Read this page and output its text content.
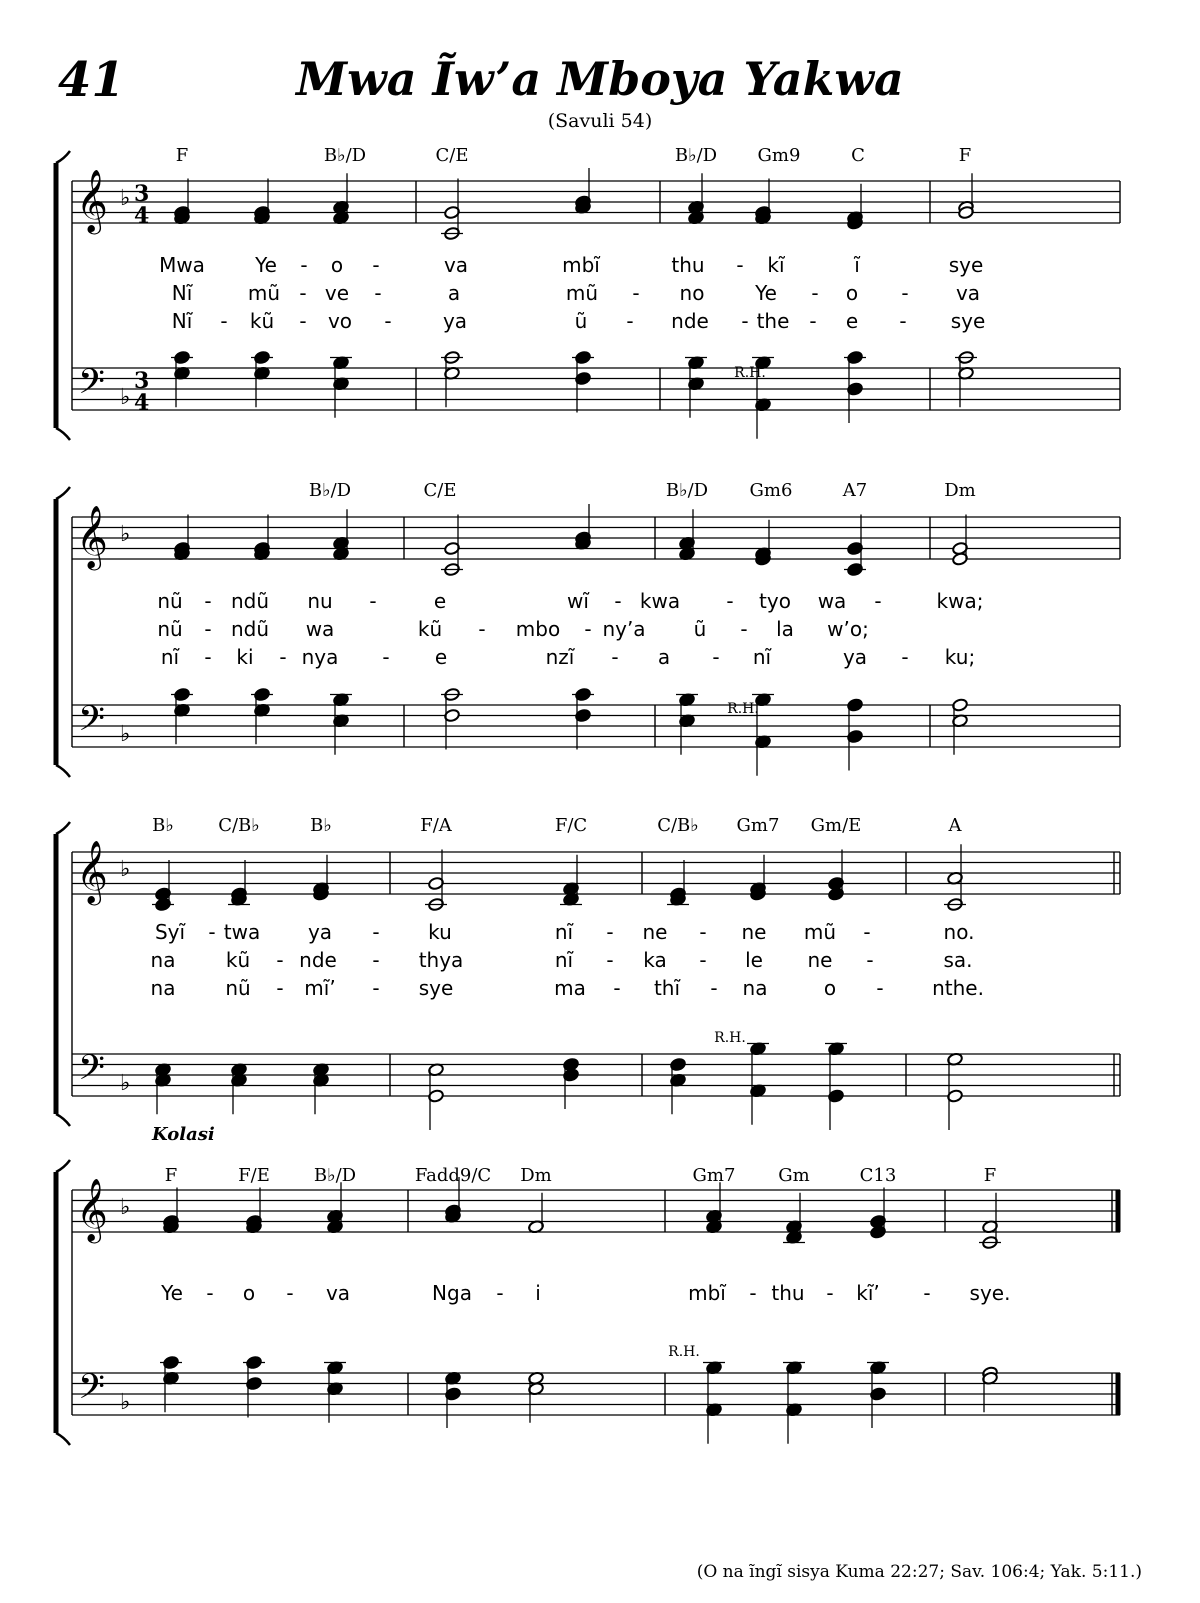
41	Mwa Ĩw’a Mboya Yakwa
(Savuli 54)
𝄞
𝄢
♭
♭
3
4
3
4
𝄞
𝄢
♭
♭
𝄞
𝄢
♭
♭
𝄞
𝄢
♭
♭
F	B♭/D	C/E	B♭/D Gm9	C	F
Mwa	Ye - o -	va	mbĩ	thu - kĩ	ĩ	sye
Nĩ	mũ - ve -	a	mũ - no	Ye - o - va
Nĩ - kũ - vo -	ya	ũ - nde - the - e - sye
R.H.
B♭/D	C/E	B♭/D Gm6	A7	Dm
nũ - ndũ nu -	e	wĩ - kwa - tyo wa -	kwa;
nũ - ndũ wa	kũ - mbo - ny’a ũ - la w’o;
nĩ - ki - nya - e	nzĩ - a - nĩ	ya - ku;
R.H.
B♭ C/B♭	B♭	F/A	F/C	C/B♭ Gm7 Gm/E	A
Syĩ - twa ya - ku	nĩ - ne - ne mũ -	no.
na	kũ - nde - thya	nĩ - ka - le ne -	sa.
na nũ - mĩ’ - sye	ma - thĩ - na	o - nthe.
R.H.
F	F/E B♭/D	Fadd9/C Dm	Gm7 Gm	C13	F
Ye - o - va	Nga - i	mbĩ - thu - kĩ’ - sye.
R.H.
Kolasi
(O na ĩngĩ sisya Kuma 22:27; Sav. 106:4; Yak. 5:11.)
